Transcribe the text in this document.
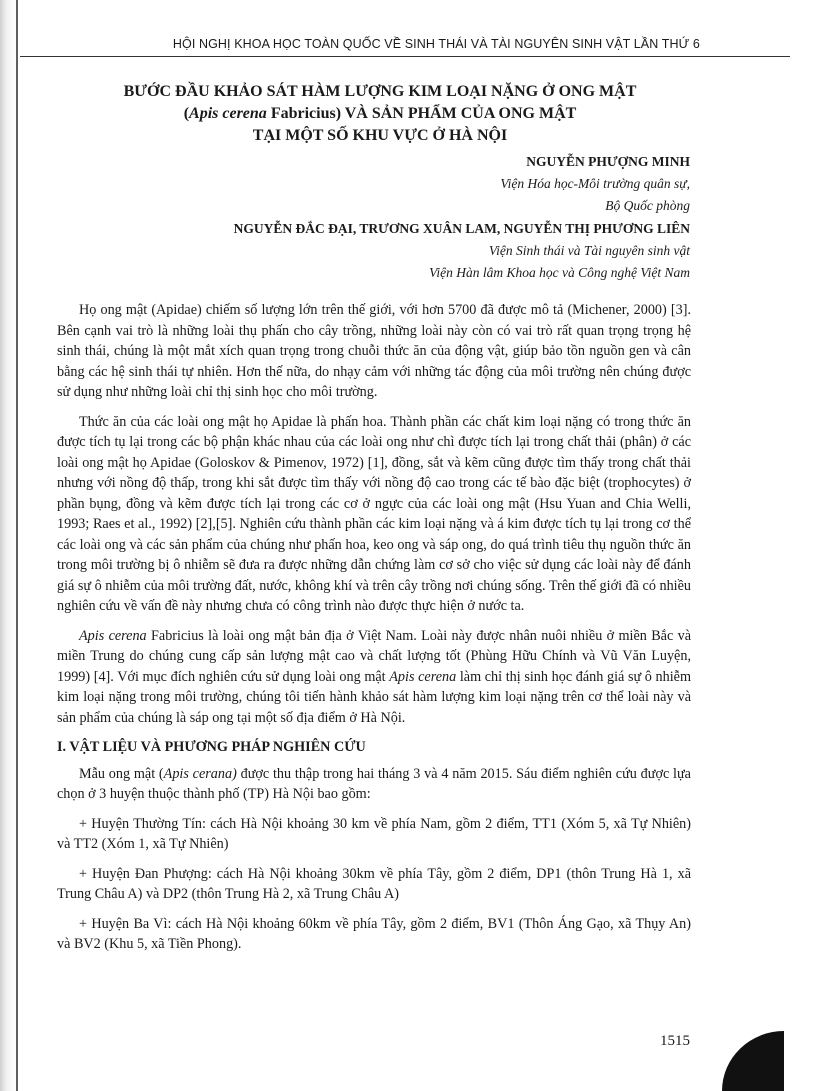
HỘI NGHỊ KHOA HỌC TOÀN QUỐC VỀ SINH THÁI VÀ TÀI NGUYÊN SINH VẬT LẦN THỨ 6
BƯỚC ĐẦU KHẢO SÁT HÀM LƯỢNG KIM LOẠI NẶNG Ở ONG MẬT
(Apis cerena Fabricius) VÀ SẢN PHẨM CỦA ONG MẬT
TẠI MỘT SỐ KHU VỰC Ở HÀ NỘI
NGUYỄN PHƯỢNG MINH
Viện Hóa học-Môi trường quân sự,
Bộ Quốc phòng
NGUYỄN ĐẮC ĐẠI, TRƯƠNG XUÂN LAM, NGUYỄN THỊ PHƯƠNG LIÊN
Viện Sinh thái và Tài nguyên sinh vật
Viện Hàn lâm Khoa học và Công nghệ Việt Nam

Họ ong mật (Apidae) chiếm số lượng lớn trên thế giới, với hơn 5700 đã được mô tả (Michener, 2000) [3]. Bên cạnh vai trò là những loài thụ phấn cho cây trồng, những loài này còn có vai trò rất quan trọng trọng hệ sinh thái, chúng là một mắt xích quan trọng trong chuỗi thức ăn của động vật, giúp bảo tồn nguồn gen và cân bằng các hệ sinh thái tự nhiên. Hơn thế nữa, do nhạy cảm với những tác động của môi trường nên chúng được sử dụng như những loài chỉ thị sinh học cho môi trường.

Thức ăn của các loài ong mật họ Apidae là phấn hoa. Thành phần các chất kim loại nặng có trong thức ăn được tích tụ lại trong các bộ phận khác nhau của các loài ong như chì được tích lại trong chất thải (phân) ở các loài ong mật họ Apidae (Goloskov & Pimenov, 1972) [1], đồng, sắt và kẽm cũng được tìm thấy trong chất thải nhưng với nồng độ thấp, trong khi sắt được tìm thấy với nồng độ cao trong các tế bào đặc biệt (trophocytes) ở phần bụng, đồng và kẽm được tích lại trong các cơ ở ngực của các loài ong mật (Hsu Yuan and Chia Welli, 1993; Raes et al., 1992) [2],[5]. Nghiên cứu thành phần các kim loại nặng và á kim được tích tụ lại trong cơ thể các loài ong và các sản phẩm của chúng như phấn hoa, keo ong và sáp ong, do quá trình tiêu thụ nguồn thức ăn trong môi trường bị ô nhiễm sẽ đưa ra được những dẫn chứng làm cơ sở cho việc sử dụng các loài này để đánh giá sự ô nhiễm của môi trường đất, nước, không khí và trên cây trồng nơi chúng sống. Trên thế giới đã có nhiều nghiên cứu về vấn đề này nhưng chưa có công trình nào được thực hiện ở nước ta.

Apis cerena Fabricius là loài ong mật bản địa ở Việt Nam. Loài này được nhân nuôi nhiều ở miền Bắc và miền Trung do chúng cung cấp sản lượng mật cao và chất lượng tốt (Phùng Hữu Chính và Vũ Văn Luyện, 1999) [4]. Với mục đích nghiên cứu sử dụng loài ong mật Apis cerena làm chỉ thị sinh học đánh giá sự ô nhiễm kim loại nặng trong môi trường, chúng tôi tiến hành khảo sát hàm lượng kim loại nặng trên cơ thể loài này và sản phẩm của chúng là sáp ong tại một số địa điểm ở Hà Nội.

I. VẬT LIỆU VÀ PHƯƠNG PHÁP NGHIÊN CỨU

Mẫu ong mật (Apis cerana) được thu thập trong hai tháng 3 và 4 năm 2015. Sáu điểm nghiên cứu được lựa chọn ở 3 huyện thuộc thành phố (TP) Hà Nội bao gồm:

+ Huyện Thường Tín: cách Hà Nội khoảng 30 km về phía Nam, gồm 2 điểm, TT1 (Xóm 5, xã Tự Nhiên) và TT2 (Xóm 1, xã Tự Nhiên)

+ Huyện Đan Phượng: cách Hà Nội khoảng 30km về phía Tây, gồm 2 điểm, DP1 (thôn Trung Hà 1, xã Trung Châu A) và DP2 (thôn Trung Hà 2, xã Trung Châu A)

+ Huyện Ba Vì: cách Hà Nội khoảng 60km về phía Tây, gồm 2 điểm, BV1 (Thôn Áng Gạo, xã Thụy An) và BV2 (Khu 5, xã Tiền Phong).

1515
